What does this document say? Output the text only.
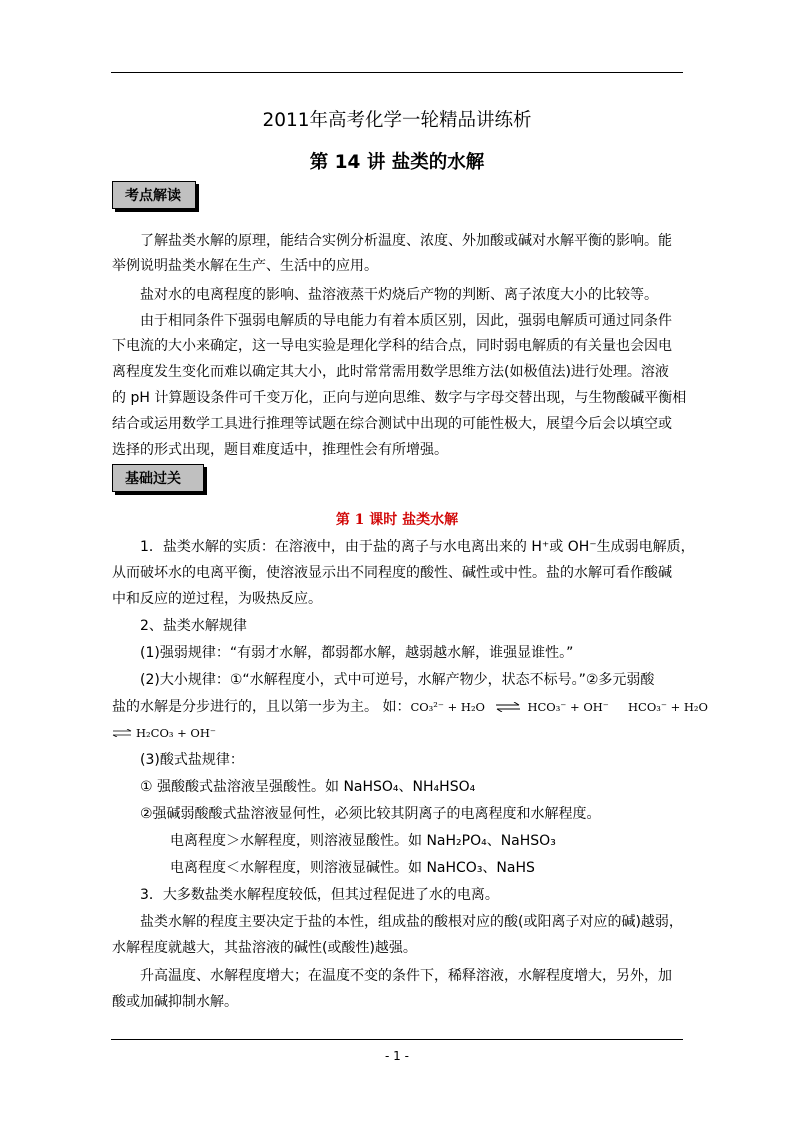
2011年高考化学一轮精品讲练析
第 14 讲 盐类的水解
考点解读
了解盐类水解的原理，能结合实例分析温度、浓度、外加酸或碱对水解平衡的影响。能
举例说明盐类水解在生产、生活中的应用。
盐对水的电离程度的影响、盐溶液蒸干灼烧后产物的判断、离子浓度大小的比较等。
由于相同条件下强弱电解质的导电能力有着本质区别，因此，强弱电解质可通过同条件
下电流的大小来确定，这一导电实验是理化学科的结合点，同时弱电解质的有关量也会因电
离程度发生变化而难以确定其大小，此时常常需用数学思维方法(如极值法)进行处理。溶液
的 pH 计算题设条件可千变万化，正向与逆向思维、数字与字母交替出现，与生物酸碱平衡相
结合或运用数学工具进行推理等试题在综合测试中出现的可能性极大，展望今后会以填空或
选择的形式出现，题目难度适中，推理性会有所增强。
基础过关
第 1 课时 盐类水解
1．盐类水解的实质：在溶液中，由于盐的离子与水电离出来的 H⁺或 OH⁻生成弱电解质，
从而破坏水的电离平衡，使溶液显示出不同程度的酸性、碱性或中性。盐的水解可看作酸碱
中和反应的逆过程，为吸热反应。
2、盐类水解规律
(1)强弱规律：“有弱才水解，都弱都水解，越弱越水解，谁强显谁性。”
(2)大小规律：①“水解程度小，式中可逆号，水解产物少，状态不标号。”②多元弱酸
盐的水解是分步进行的，且以第一步为主。 如：CO₃²⁻ + H₂O ⇌ HCO₃⁻ + OH⁻ HCO₃⁻ + H₂O
⇌ H₂CO₃ + OH⁻
(3)酸式盐规律：
① 强酸酸式盐溶液呈强酸性。如 NaHSO₄、NH₄HSO₄
②强碱弱酸酸式盐溶液显何性，必须比较其阴离子的电离程度和水解程度。
电离程度＞水解程度，则溶液显酸性。如 NaH₂PO₄、NaHSO₃
电离程度＜水解程度，则溶液显碱性。如 NaHCO₃、NaHS
3．大多数盐类水解程度较低，但其过程促进了水的电离。
盐类水解的程度主要决定于盐的本性，组成盐的酸根对应的酸(或阳离子对应的碱)越弱，
水解程度就越大，其盐溶液的碱性(或酸性)越强。
升高温度、水解程度增大；在温度不变的条件下，稀释溶液，水解程度增大，另外，加
酸或加碱抑制水解。
- 1 -
